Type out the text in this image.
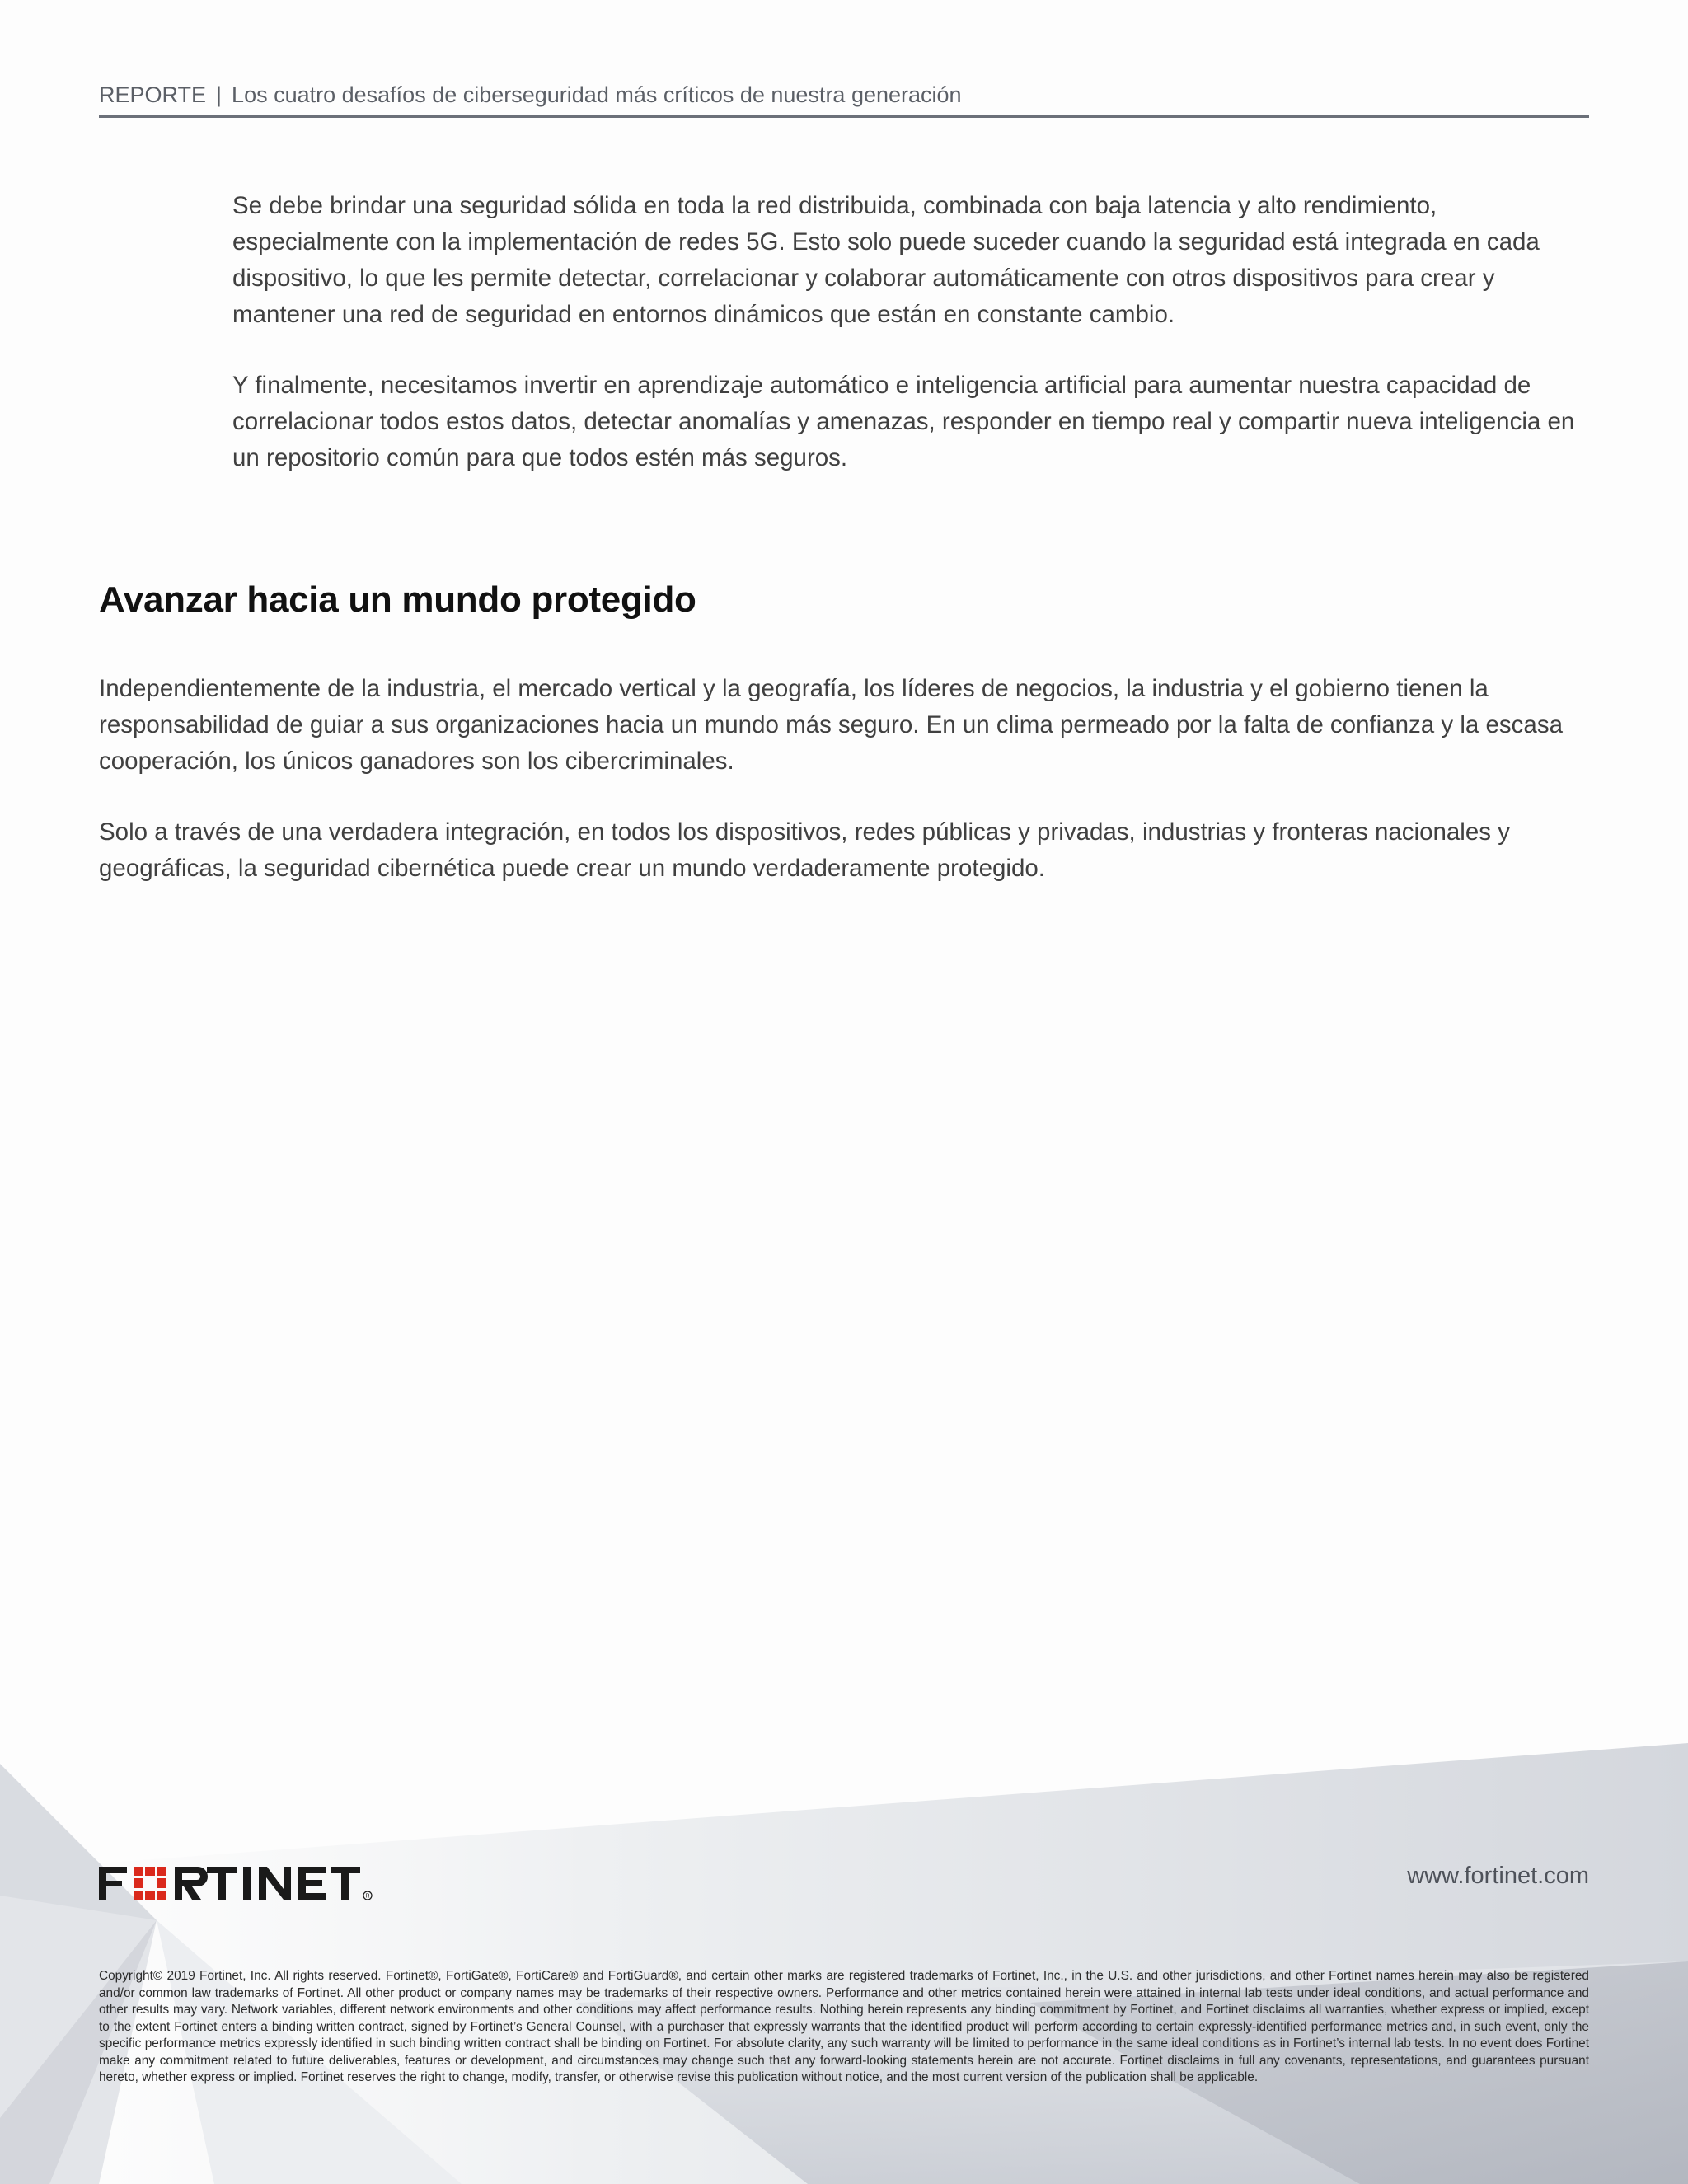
REPORTE | Los cuatro desafíos de ciberseguridad más críticos de nuestra generación

Se debe brindar una seguridad sólida en toda la red distribuida, combinada con baja latencia y alto rendimiento, especialmente con la implementación de redes 5G. Esto solo puede suceder cuando la seguridad está integrada en cada dispositivo, lo que les permite detectar, correlacionar y colaborar automáticamente con otros dispositivos para crear y mantener una red de seguridad en entornos dinámicos que están en constante cambio.

Y finalmente, necesitamos invertir en aprendizaje automático e inteligencia artificial para aumentar nuestra capacidad de correlacionar todos estos datos, detectar anomalías y amenazas, responder en tiempo real y compartir nueva inteligencia en un repositorio común para que todos estén más seguros.

Avanzar hacia un mundo protegido

Independientemente de la industria, el mercado vertical y la geografía, los líderes de negocios, la industria y el gobierno tienen la responsabilidad de guiar a sus organizaciones hacia un mundo más seguro. En un clima permeado por la falta de confianza y la escasa cooperación, los únicos ganadores son los cibercriminales.

Solo a través de una verdadera integración, en todos los dispositivos, redes públicas y privadas, industrias y fronteras nacionales y geográficas, la seguridad cibernética puede crear un mundo verdaderamente protegido.

R
www.fortinet.com
Copyright© 2019 Fortinet, Inc. All rights reserved. Fortinet®, FortiGate®, FortiCare® and FortiGuard®, and certain other marks are registered trademarks of Fortinet, Inc., in the U.S. and other jurisdictions, and other Fortinet names herein may also be registered and/or common law trademarks of Fortinet. All other product or company names may be trademarks of their respective owners. Performance and other metrics contained herein were attained in internal lab tests under ideal conditions, and actual performance and other results may vary. Network variables, different network environments and other conditions may affect performance results. Nothing herein represents any binding commitment by Fortinet, and Fortinet disclaims all warranties, whether express or implied, except to the extent Fortinet enters a binding written contract, signed by Fortinet’s General Counsel, with a purchaser that expressly warrants that the identified product will perform according to certain expressly-identified performance metrics and, in such event, only the specific performance metrics expressly identified in such binding written contract shall be binding on Fortinet. For absolute clarity, any such warranty will be limited to performance in the same ideal conditions as in Fortinet’s internal lab tests. In no event does Fortinet make any commitment related to future deliverables, features or development, and circumstances may change such that any forward-looking statements herein are not accurate. Fortinet disclaims in full any covenants, representations, and guarantees pursuant hereto, whether express or implied. Fortinet reserves the right to change, modify, transfer, or otherwise revise this publication without notice, and the most current version of the publication shall be applicable.
